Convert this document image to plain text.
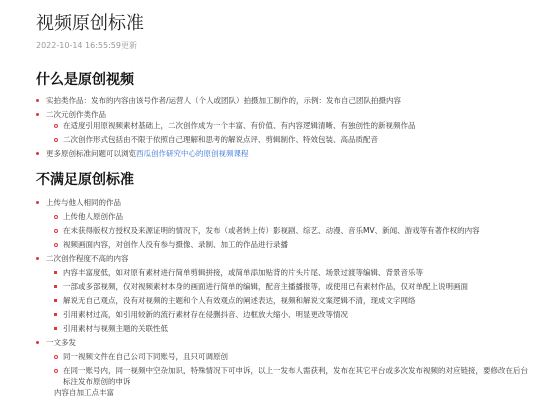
视频原创标准
2022-10-14 16:55:59更新
什么是原创视频
实拍类作品：发布的内容由该号作者/运营人（个人或团队）拍摄加工制作的，示例：发布自己团队拍摄内容
二次元创作类作品
在适度引用原视频素材基础上，二次创作成为一个丰富、有价值、有内容逻辑清晰、有独创性的新视频作品
二次创作形式包括由不限于依照自己理解和思考的解说点评、剪辑制作、特效包装、高品质配音
更多原创标准问题可以浏览西瓜创作研究中心的原创视频课程
不满足原创标准
上传与他人相同的作品
上传他人原创作品
在未获得版权方授权及来源证明的情况下，发布（或者转上传）影视剧、综艺、动漫、音乐MV、新闻、游戏等有著作权的内容
视频画面内容，对创作人没有参与摄像、录制、加工的作品进行录播
二次创作程度不高的内容
内容丰富度低，如对原有素材进行简单剪辑拼接，或简单添加贴背的片头片尾、场景过渡等编辑、背景音乐等
一部或多部视频，仅对视频素材本身的画面进行简单的编辑，配音主播播报等，或使用已有素材作品，仅对单配上说明画面
解说无自己观点，没有对视频的主题和个人有效观点的阐述表达，视频和解说文案逻辑不清，现成文字网络
引用素材过高，如引用较新的流行素材存在侵删抖音、边框放大缩小、明显更改等情况
引用素材与视频主题的关联性低
一文多发
同一视频文件在自己公司下同账号，且只可调原创
在同一账号内，同一视频中空杂加识，特殊情况下可申诉，以上一发布人需获利，发布在其它平台或多次发布视频的对应链接，要修改在后台标注发布原创的申诉
内容自加工点丰富
